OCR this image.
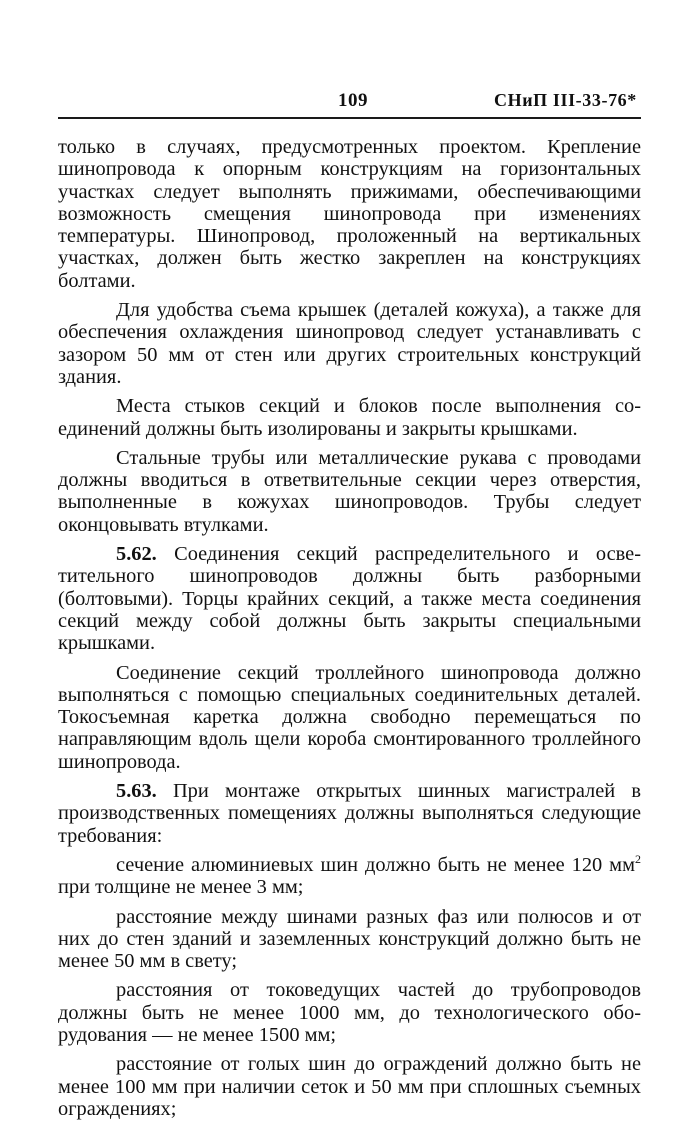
109	СНиП III-33-76*

только в случаях, предусмотренных проектом. Крепление шинопровода к опорным конструкциям на горизонтальных участках следует выполнять прижимами, обеспечивающими возможность смещения шинопровода при изменениях температуры. Шинопровод, проложенный на вертикальных участках, должен быть жестко закреплен на конструкциях болтами.

Для удобства съема крышек (деталей кожуха), а также для обеспечения охлаждения шинопровод следует устанавливать с зазором 50 мм от стен или других строительных конструкций здания.

Места стыков секций и блоков после выполнения соединений должны быть изолированы и закрыты крышками.

Стальные трубы или металлические рукава с проводами должны вводиться в ответвительные секции через отверстия, выполненные в кожухах шинопроводов. Трубы следует оконцовывать втулками.

5.62. Соединения секций распределительного и осветительного шинопроводов должны быть разборными (болтовыми). Торцы крайних секций, а также места соединения секций между собой должны быть закрыты специальными крышками.

Соединение секций троллейного шинопровода должно выполняться с помощью специальных соединительных деталей. Токосъемная каретка должна свободно перемещаться по направляющим вдоль щели короба смонтированного троллейного шинопровода.

5.63. При монтаже открытых шинных магистралей в производственных помещениях должны выполняться следующие требования:

сечение алюминиевых шин должно быть не менее 120 $мм^2$ при толщине не менее 3 мм;

расстояние между шинами разных фаз или полюсов и от них до стен зданий и заземленных конструкций должно быть не менее 50 мм в свету;

расстояния от токоведущих частей до трубопроводов должны быть не менее 1000 мм, до технологического оборудования — не менее 1500 мм;

расстояние от голых шин до ограждений должно быть не менее 100 мм при наличии сеток и 50 мм при сплошных съемных ограждениях;
